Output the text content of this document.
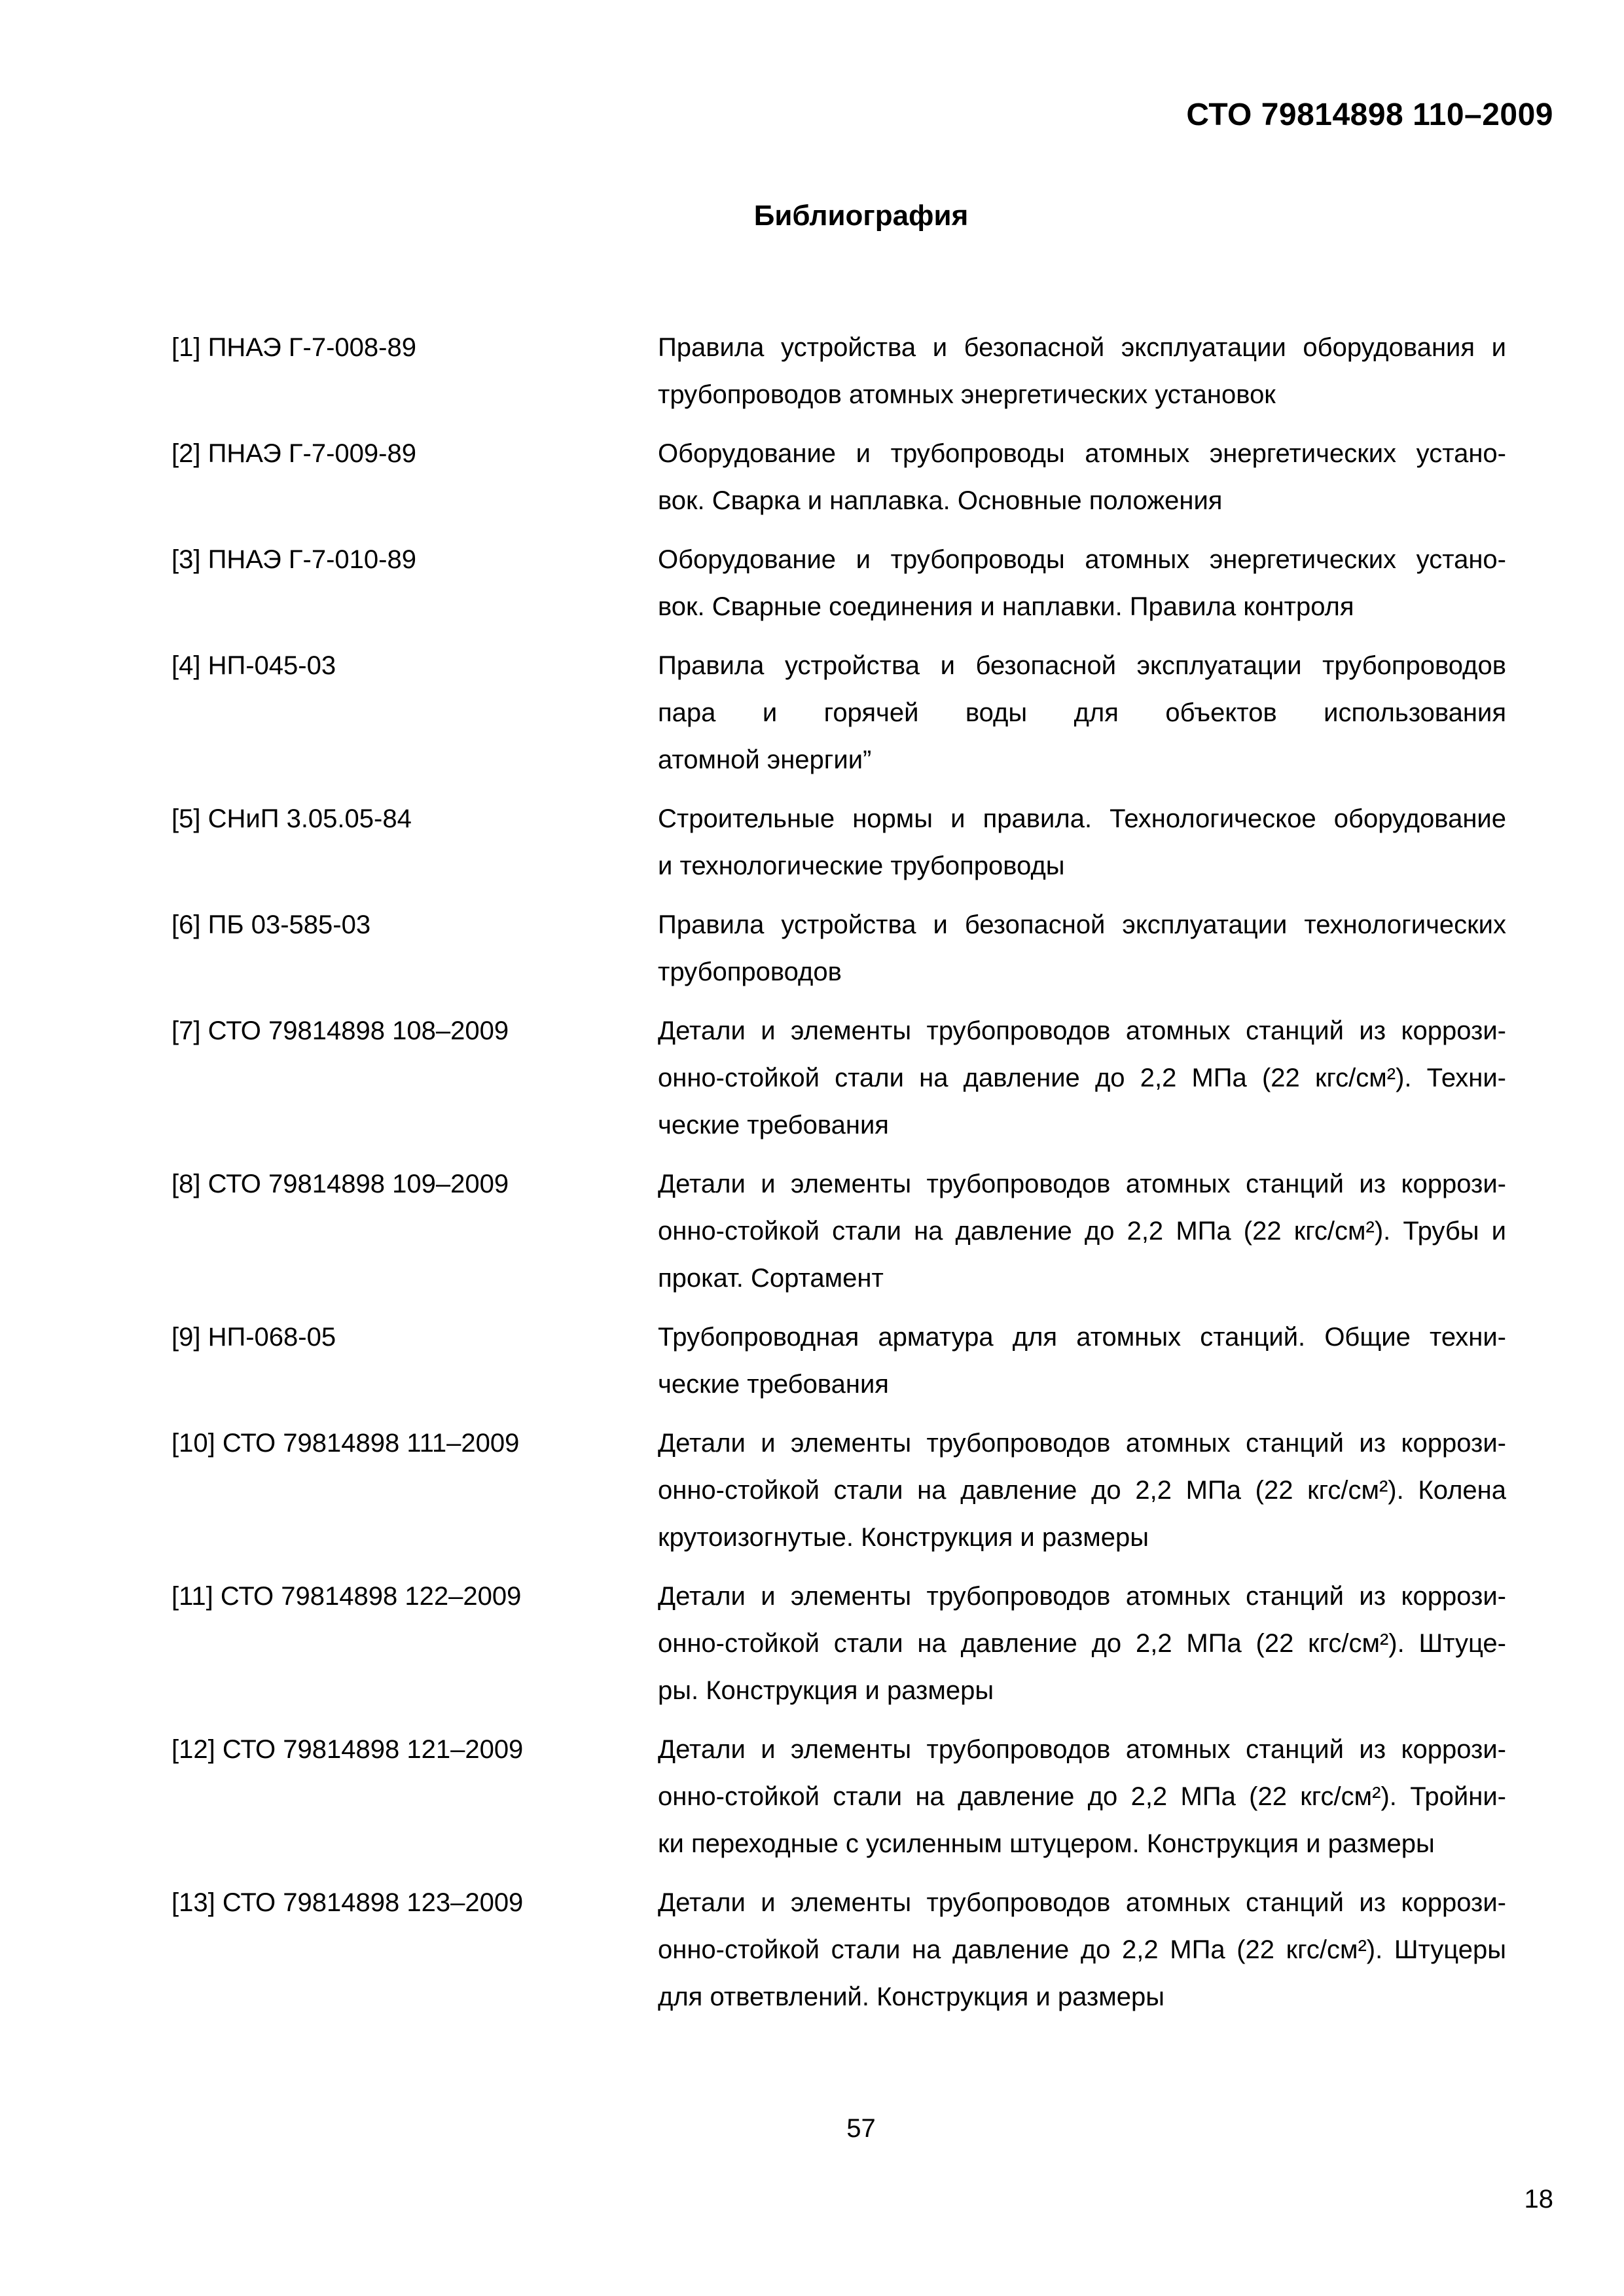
СТО 79814898 110–2009
Библиография
[1] ПНАЭ Г-7-008-89	Правила устройства и безопасной эксплуатации оборудования и
трубопроводов атомных энергетических установок
[2] ПНАЭ Г-7-009-89	Оборудование и трубопроводы атомных энергетических устано-
вок. Сварка и наплавка. Основные положения
[3] ПНАЭ Г-7-010-89	Оборудование и трубопроводы атомных энергетических устано-
вок. Сварные соединения и наплавки. Правила контроля
[4] НП-045-03	Правила устройства и безопасной эксплуатации трубопроводов
пара и горячей воды для объектов использования
атомной энергии”
[5] СНиП 3.05.05-84	Строительные нормы и правила. Технологическое оборудование
и технологические трубопроводы
[6] ПБ 03-585-03	Правила устройства и безопасной эксплуатации технологических
трубопроводов
[7] СТО 79814898 108–2009	Детали и элементы трубопроводов атомных станций из коррози-
онно-стойкой стали на давление до 2,2 МПа (22 кгс/см²). Техни-
ческие требования
[8] СТО 79814898 109–2009	Детали и элементы трубопроводов атомных станций из коррози-
онно-стойкой стали на давление до 2,2 МПа (22 кгс/см²). Трубы и
прокат. Сортамент
[9] НП-068-05	Трубопроводная арматура для атомных станций. Общие техни-
ческие требования
[10] СТО 79814898 111–2009	Детали и элементы трубопроводов атомных станций из коррози-
онно-стойкой стали на давление до 2,2 МПа (22 кгс/см²). Колена
крутоизогнутые. Конструкция и размеры
[11] СТО 79814898 122–2009	Детали и элементы трубопроводов атомных станций из коррози-
онно-стойкой стали на давление до 2,2 МПа (22 кгс/см²). Штуце-
ры. Конструкция и размеры
[12] СТО 79814898 121–2009	Детали и элементы трубопроводов атомных станций из коррози-
онно-стойкой стали на давление до 2,2 МПа (22 кгс/см²). Тройни-
ки переходные с усиленным штуцером. Конструкция и размеры
[13] СТО 79814898 123–2009	Детали и элементы трубопроводов атомных станций из коррози-
онно-стойкой стали на давление до 2,2 МПа (22 кгс/см²). Штуцеры
для ответвлений. Конструкция и размеры
57
18
